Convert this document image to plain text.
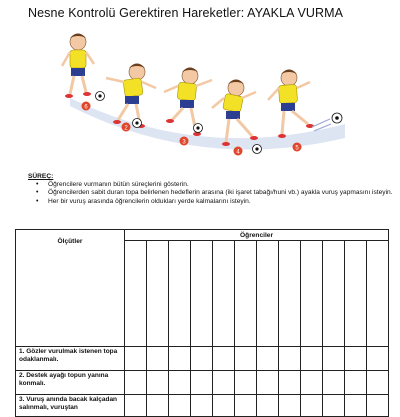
Nesne Kontrolü Gerektiren Hareketler: AYAKLA VURMA
6
2
3
4
5
SÜREÇ:
• Öğrencilere vurmanın bütün süreçlerini gösterin.
• Öğrencilerden sabit duran topa belirlenen hedeflerin arasına (iki işaret tabağı/huni vb.) ayakla vuruş yapmasını isteyin.
• Her bir vuruş arasında öğrencilerin oldukları yerde kalmalarını isteyin.
Ölçütler	Öğrenciler											

1. Gözler vurulmak istenen topa odaklanmalı.												

2. Destek ayağı topun yanına konmalı.												

3. Vuruş anında bacak kalçadan salınmalı, vuruştan												
